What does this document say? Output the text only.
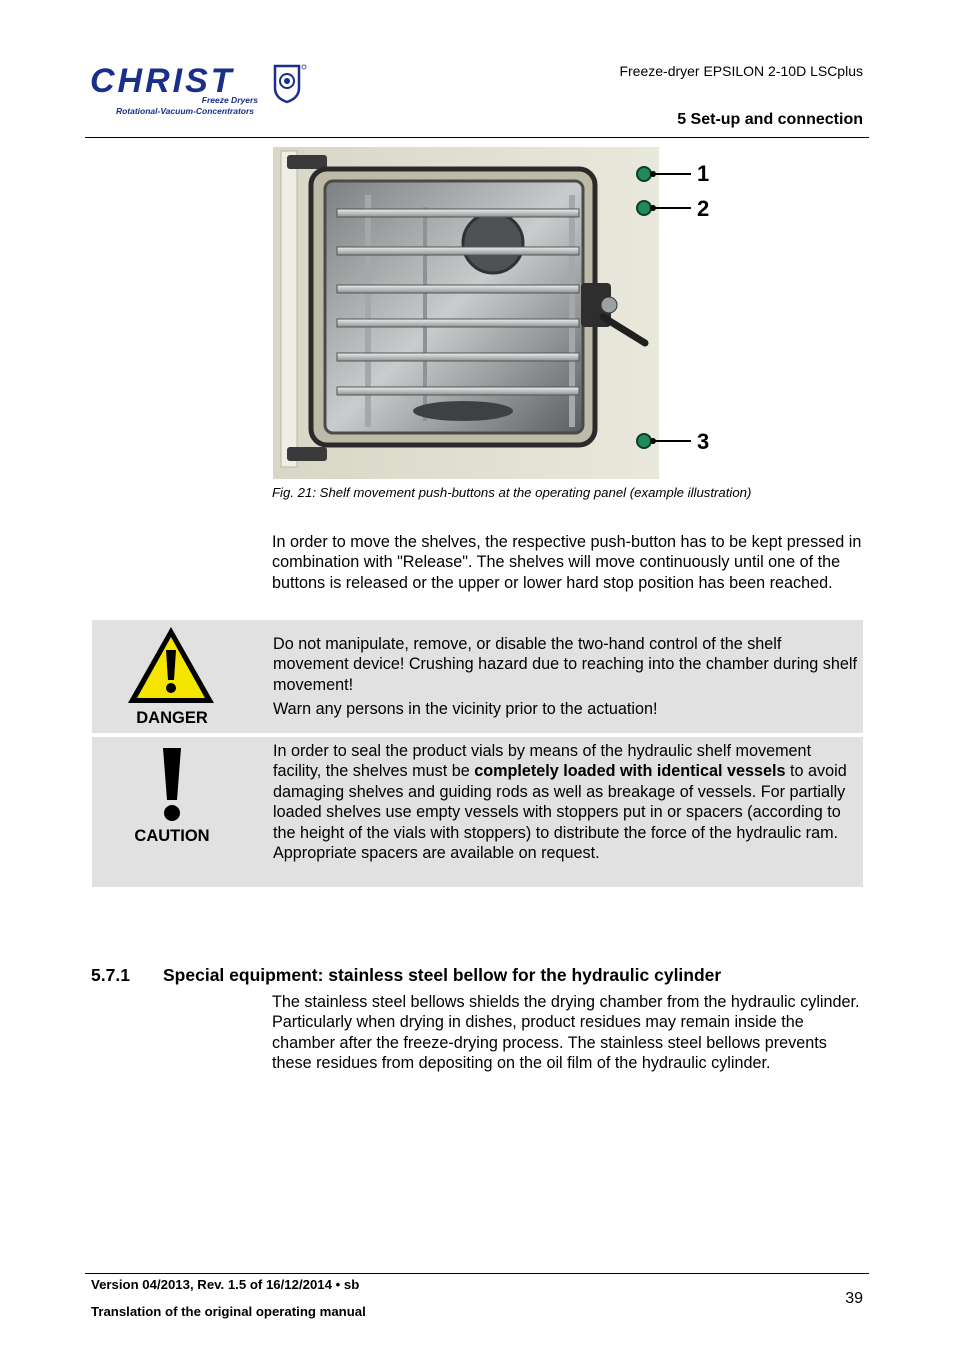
CHRIST
Freeze Dryers
Rotational-Vacuum-Concentrators
Freeze-dryer EPSILON 2-10D LSCplus
5 Set-up and connection
1
2
3
Fig. 21: Shelf movement push-buttons at the operating panel (example illustration)
In order to move the shelves, the respective push-button has to be kept pressed in combination with "Release". The shelves will move continuously until one of the buttons is released or the upper or lower hard stop position has been reached.
DANGER
Do not manipulate, remove, or disable the two-hand control of the shelf movement device! Crushing hazard due to reaching into the chamber during shelf movement!
Warn any persons in the vicinity prior to the actuation!
CAUTION
In order to seal the product vials by means of the hydraulic shelf movement facility, the shelves must be completely loaded with identical vessels to avoid damaging shelves and guiding rods as well as breakage of vessels. For partially loaded shelves use empty vessels with stoppers put in or spacers (according to the height of the vials with stoppers) to distribute the force of the hydraulic ram. Appropriate spacers are available on request.
5.7.1 Special equipment: stainless steel bellow for the hydraulic cylinder
The stainless steel bellows shields the drying chamber from the hydraulic cylinder. Particularly when drying in dishes, product residues may remain inside the chamber after the freeze-drying process. The stainless steel bellows prevents these residues from depositing on the oil film of the hydraulic cylinder.
Version 04/2013, Rev. 1.5 of 16/12/2014 • sb
Translation of the original operating manual
39
